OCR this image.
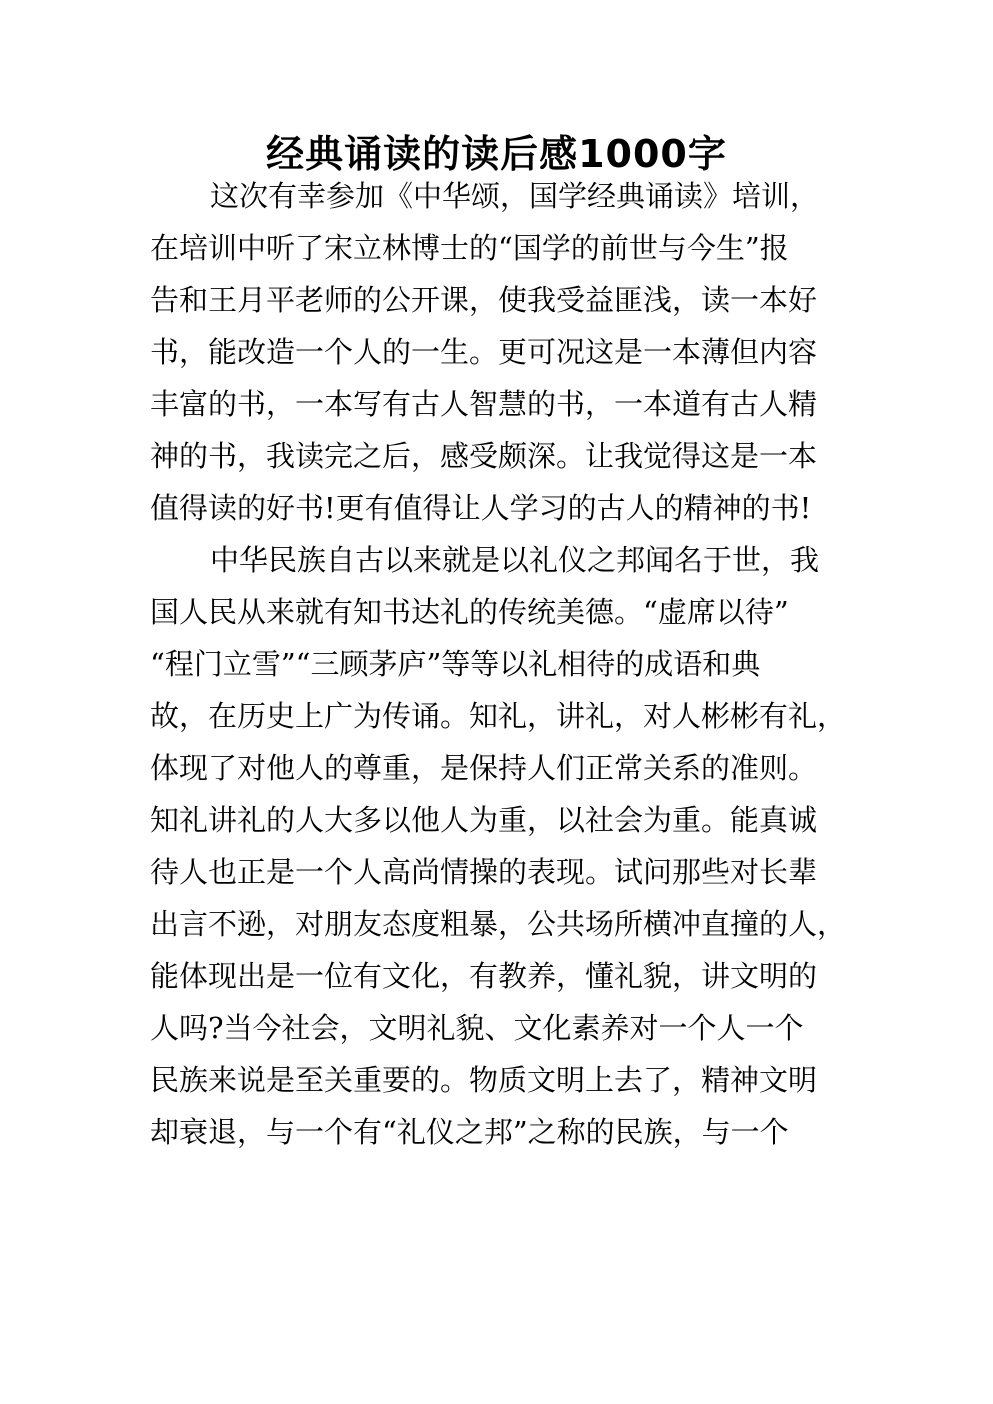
经典诵读的读后感1000字
这次有幸参加《中华颂，国学经典诵读》培训，
在培训中听了宋立林博士的“国学的前世与今生”报
告和王月平老师的公开课，使我受益匪浅，读一本好
书，能改造一个人的一生。更可况这是一本薄但内容
丰富的书，一本写有古人智慧的书，一本道有古人精
神的书，我读完之后，感受颇深。让我觉得这是一本
值得读的好书!更有值得让人学习的古人的精神的书!
中华民族自古以来就是以礼仪之邦闻名于世，我
国人民从来就有知书达礼的传统美德。“虚席以待”
“程门立雪”“三顾茅庐”等等以礼相待的成语和典
故，在历史上广为传诵。知礼，讲礼，对人彬彬有礼，
体现了对他人的尊重，是保持人们正常关系的准则。
知礼讲礼的人大多以他人为重，以社会为重。能真诚
待人也正是一个人高尚情操的表现。试问那些对长辈
出言不逊，对朋友态度粗暴，公共场所横冲直撞的人，
能体现出是一位有文化，有教养，懂礼貌，讲文明的
人吗?当今社会，文明礼貌、文化素养对一个人一个
民族来说是至关重要的。物质文明上去了，精神文明
却衰退，与一个有“礼仪之邦”之称的民族，与一个
